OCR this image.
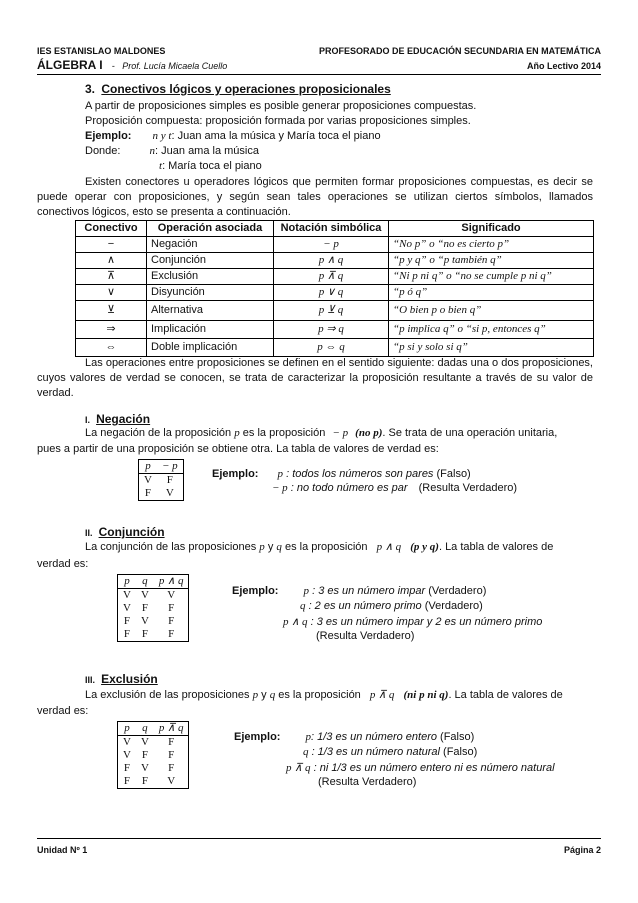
IES ESTANISLAO MALDONES	PROFESORADO DE EDUCACIÓN SECUNDARIA EN MATEMÁTICA
ÁLGEBRA I - Prof. Lucía Micaela Cuello	Año Lectivo 2014
3. Conectivos lógicos y operaciones proposicionales
A partir de proposiciones simples es posible generar proposiciones compuestas.
Proposición compuesta: proposición formada por varias proposiciones simples.
Ejemplo: n y t: Juan ama la música y María toca el piano
Donde:	n: Juan ama la música
t: María toca el piano
Existen conectores u operadores lógicos que permiten formar proposiciones compuestas, es decir se puede operar con proposiciones, y según sean tales operaciones se utilizan ciertos símbolos, llamados conectivos lógicos, esto se presenta a continuación.
Conectivo	Operación asociada	Notación simbólica	Significado
−	Negación	− p	“No p” o “no es cierto p”
∧	Conjunción	p ∧ q	“p y q” o “p también q”
⊼	Exclusión	p ⊼ q	“Ni p ni q” o “no se cumple p ni q”
∨	Disyunción	p ∨ q	“p ó q”
⊻	Alternativa	p ⊻ q	“O bien p o bien q”
⇒	Implicación	p ⇒ q	“p implica q” o “si p, entonces q”
⇔	Doble implicación	p ⇔ q	“p si y solo si q”
Las operaciones entre proposiciones se definen en el sentido siguiente: dadas una o dos proposiciones, cuyos valores de verdad se conocen, se trata de caracterizar la proposición resultante a través de su valor de verdad.
I. Negación
La negación de la proposición p es la proposición − p (no p). Se trata de una operación unitaria,
pues a partir de una proposición se obtiene otra. La tabla de valores de verdad es:
p	− p
V	F
F	V
Ejemplo: p : todos los números son pares (Falso)
− p : no todo número es par (Resulta Verdadero)
II. Conjunción
La conjunción de las proposiciones p y q es la proposición p ∧ q (p y q). La tabla de valores de
verdad es:
p	q	p ∧ q
V	V	V
V	F	F
F	V	F
F	F	F
Ejemplo: p : 3 es un número impar (Verdadero)
q : 2 es un número primo (Verdadero)
p ∧ q : 3 es un número impar y 2 es un número primo
(Resulta Verdadero)
III. Exclusión
La exclusión de las proposiciones p y q es la proposición p ⊼ q (ni p ni q). La tabla de valores de
verdad es:
p	q	p ⊼ q
V	V	F
V	F	F
F	V	F
F	F	V
Ejemplo: p: 1/3 es un número entero (Falso)
q : 1/3 es un número natural (Falso)
p ⊼ q : ni 1/3 es un número entero ni es número natural
(Resulta Verdadero)
Unidad Nº 1	Página 2
